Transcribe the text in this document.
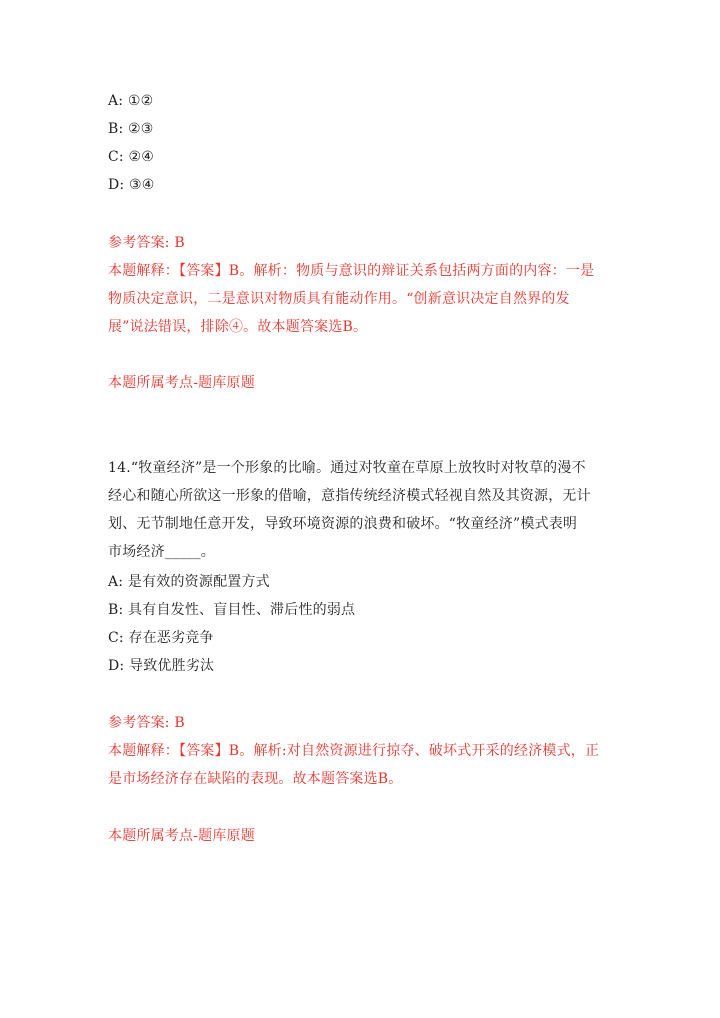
A: ①②
B: ②③
C: ②④
D: ③④
参考答案: B
本题解释：【答案】B。解析：物质与意识的辩证关系包括两方面的内容：一是
物质决定意识，二是意识对物质具有能动作用。“创新意识决定自然界的发
展”说法错误，排除④。故本题答案选B。
本题所属考点-题库原题
14.“牧童经济”是一个形象的比喻。通过对牧童在草原上放牧时对牧草的漫不
经心和随心所欲这一形象的借喻，意指传统经济模式轻视自然及其资源，无计
划、无节制地任意开发，导致环境资源的浪费和破坏。“牧童经济”模式表明
市场经济_____。
A: 是有效的资源配置方式
B: 具有自发性、盲目性、滞后性的弱点
C: 存在恶劣竞争
D: 导致优胜劣汰
参考答案: B
本题解释：【答案】B。解析:对自然资源进行掠夺、破坏式开采的经济模式，正
是市场经济存在缺陷的表现。故本题答案选B。
本题所属考点-题库原题
